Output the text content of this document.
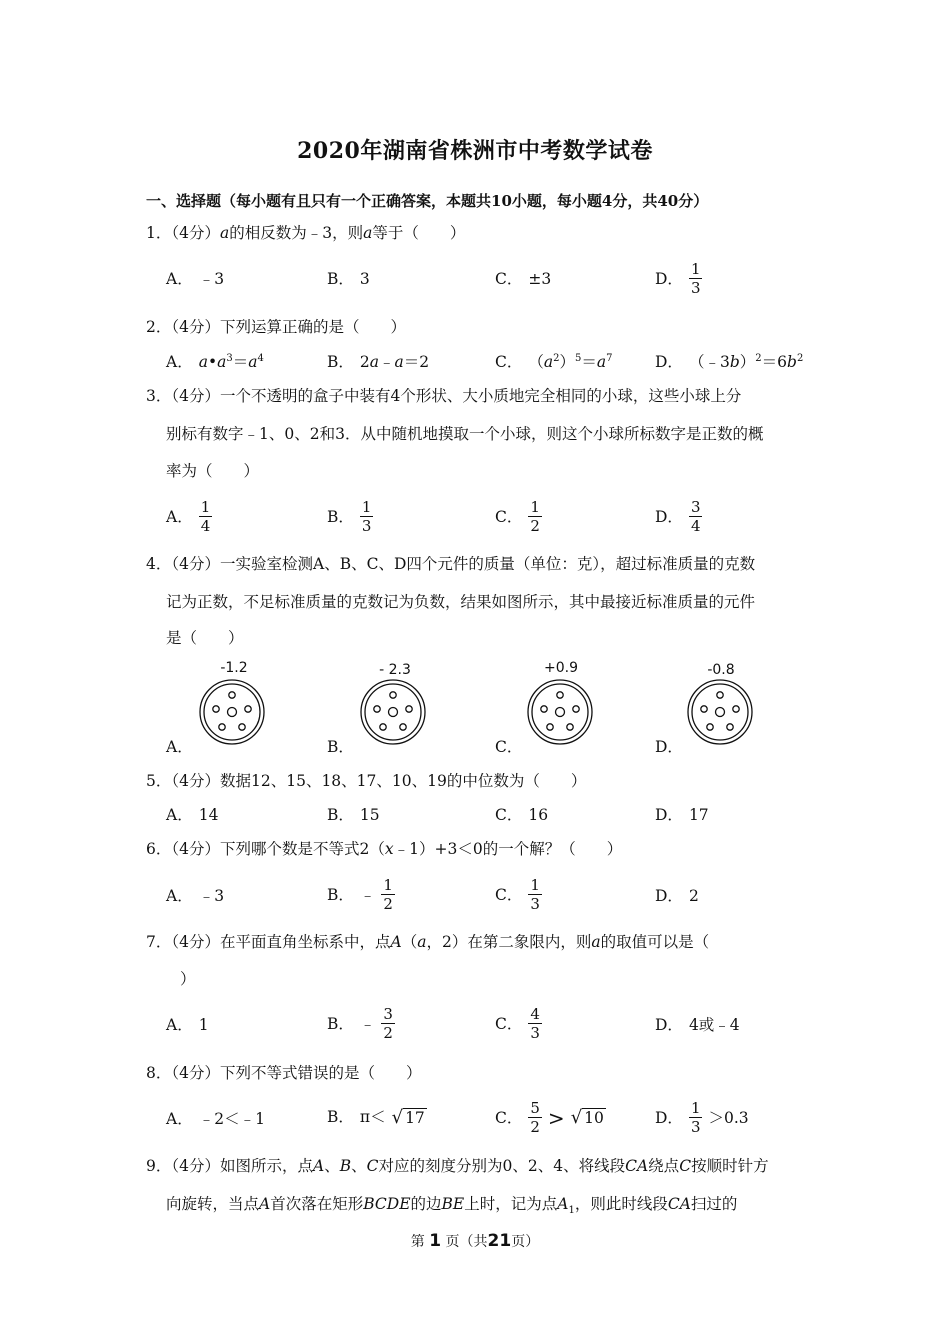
2020年湖南省株洲市中考数学试卷
一、选择题（每小题有且只有一个正确答案，本题共10小题，每小题4分，共40分）
1．（4分）a的相反数为﹣3，则a等于（　　）
A． ﹣3	B． 3	C． ±3	D． $\frac{1}{3}$
2．（4分）下列运算正确的是（　　）
A． $a•a^3=a^4$	B． 2a﹣a＝2	C． $(a^2)^5=a^7$	D． $(﹣3b)^2=6b^2$
3．（4分）一个不透明的盒子中装有4个形状、大小质地完全相同的小球，这些小球上分
别标有数字﹣1、0、2和3．从中随机地摸取一个小球，则这个小球所标数字是正数的概
率为（　　）
A． $\frac{1}{4}$	B． $\frac{1}{3}$	C． $\frac{1}{2}$	D． $\frac{3}{4}$
4．（4分）一实验室检测A、B、C、D四个元件的质量（单位：克），超过标准质量的克数
记为正数，不足标准质量的克数记为负数，结果如图所示，其中最接近标准质量的元件
是（　　）
-1.2	- 2.3	+0.9	-0.8
A．	B．	C．	D．
5．（4分）数据12、15、18、17、10、19的中位数为（　　）
A． 14	B． 15	C． 16	D． 17
6．（4分）下列哪个数是不等式2（x﹣1）+3＜0的一个解？（　　）
A． ﹣3	B． ﹣ $\frac{1}{2}$	C． $\frac{1}{3}$	D． 2
7．（4分）在平面直角坐标系中，点A（a，2）在第二象限内，则a的取值可以是（
）
A． 1	B． ﹣ $\frac{3}{2}$	C． $\frac{4}{3}$	D． 4或﹣4
8．（4分）下列不等式错误的是（　　）
A． ﹣2＜﹣1	B． π＜ √ 17	C． $\frac{5}{2}$ > √ 10	D． $\frac{1}{3} >0.3$
9．（4分）如图所示，点A、B、C对应的刻度分别为0、2、4、将线段CA绕点C按顺时针方
向旋转，当点A首次落在矩形BCDE的边BE上时，记为点$A_1$，则此时线段CA扫过的
第 1 页（共21页）
